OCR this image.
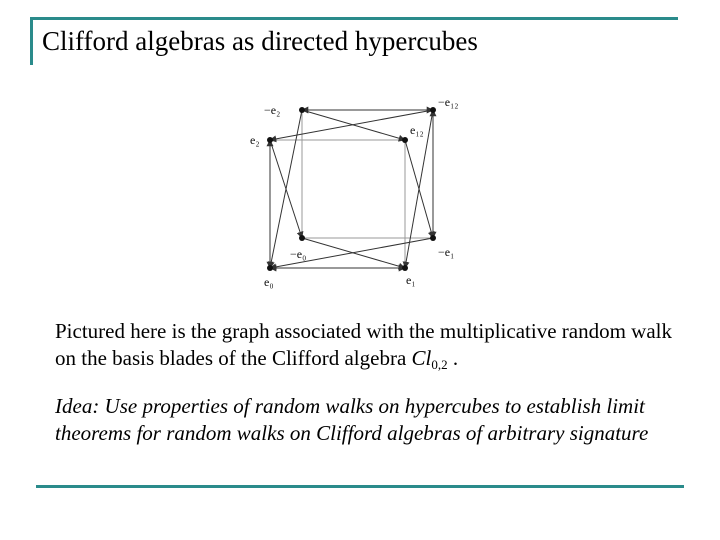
Clifford algebras as directed hypercubes
−e₂
−e₁₂
e₂
e₁₂
−e₀	−e₁
e₀	e₁
Pictured here is the graph associated with the multiplicative random walk on the basis blades of the Clifford algebra $Cl_{0,2}$ .
Idea: Use properties of random walks on hypercubes to establish limit theorems for random walks on Clifford algebras of arbitrary signature
